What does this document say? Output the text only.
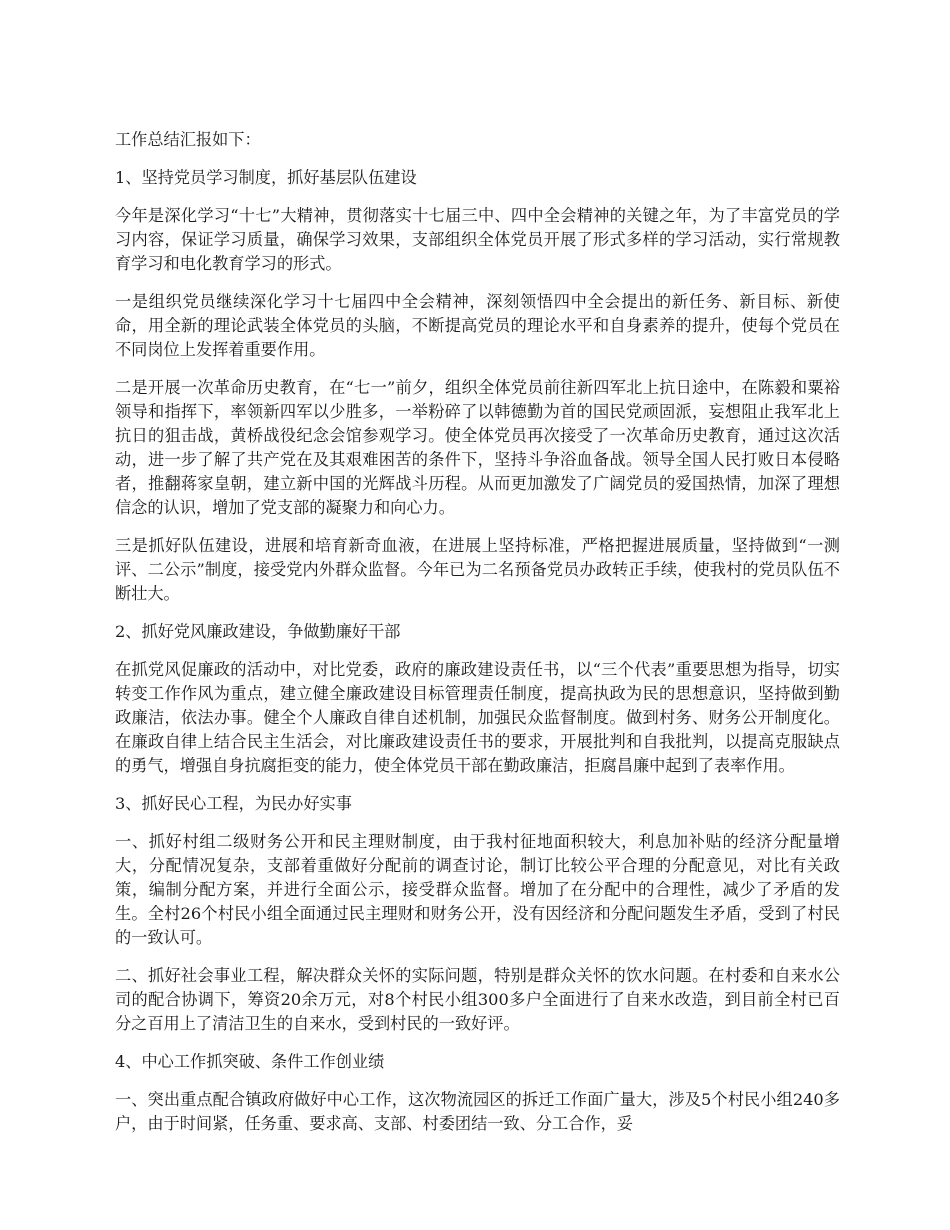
工作总结汇报如下：

1、坚持党员学习制度，抓好基层队伍建设

今年是深化学习“十七”大精神，贯彻落实十七届三中、四中全会精神的关键之年，为了丰富党员的学习内容，保证学习质量，确保学习效果，支部组织全体党员开展了形式多样的学习活动，实行常规教育学习和电化教育学习的形式。

一是组织党员继续深化学习十七届四中全会精神，深刻领悟四中全会提出的新任务、新目标、新使命，用全新的理论武装全体党员的头脑，不断提高党员的理论水平和自身素养的提升，使每个党员在不同岗位上发挥着重要作用。

二是开展一次革命历史教育，在“七一”前夕，组织全体党员前往新四军北上抗日途中，在陈毅和粟裕领导和指挥下，率领新四军以少胜多，一举粉碎了以韩德勤为首的国民党顽固派，妄想阻止我军北上抗日的狙击战，黄桥战役纪念会馆参观学习。使全体党员再次接受了一次革命历史教育，通过这次活动，进一步了解了共产党在及其艰难困苦的条件下，坚持斗争浴血备战。领导全国人民打败日本侵略者，推翻蒋家皇朝，建立新中国的光辉战斗历程。从而更加激发了广阔党员的爱国热情，加深了理想信念的认识，增加了党支部的凝聚力和向心力。

三是抓好队伍建设，进展和培育新奇血液，在进展上坚持标准，严格把握进展质量，坚持做到“一测评、二公示”制度，接受党内外群众监督。今年已为二名预备党员办政转正手续，使我村的党员队伍不断壮大。

2、抓好党风廉政建设，争做勤廉好干部

在抓党风促廉政的活动中，对比党委，政府的廉政建设责任书，以“三个代表”重要思想为指导，切实转变工作作风为重点，建立健全廉政建设目标管理责任制度，提高执政为民的思想意识，坚持做到勤政廉洁，依法办事。健全个人廉政自律自述机制，加强民众监督制度。做到村务、财务公开制度化。在廉政自律上结合民主生活会，对比廉政建设责任书的要求，开展批判和自我批判，以提高克服缺点的勇气，增强自身抗腐拒变的能力，使全体党员干部在勤政廉洁，拒腐昌廉中起到了表率作用。

3、抓好民心工程，为民办好实事

一、抓好村组二级财务公开和民主理财制度，由于我村征地面积较大，利息加补贴的经济分配量增大，分配情况复杂，支部着重做好分配前的调查讨论，制订比较公平合理的分配意见，对比有关政策，编制分配方案，并进行全面公示，接受群众监督。增加了在分配中的合理性，减少了矛盾的发生。全村26个村民小组全面通过民主理财和财务公开，没有因经济和分配问题发生矛盾，受到了村民的一致认可。

二、抓好社会事业工程，解决群众关怀的实际问题，特别是群众关怀的饮水问题。在村委和自来水公司的配合协调下，筹资20余万元，对8个村民小组300多户全面进行了自来水改造，到目前全村已百分之百用上了清洁卫生的自来水，受到村民的一致好评。

4、中心工作抓突破、条件工作创业绩

一、突出重点配合镇政府做好中心工作，这次物流园区的拆迁工作面广量大，涉及5个村民小组240多户，由于时间紧，任务重、要求高、支部、村委团结一致、分工合作，妥
